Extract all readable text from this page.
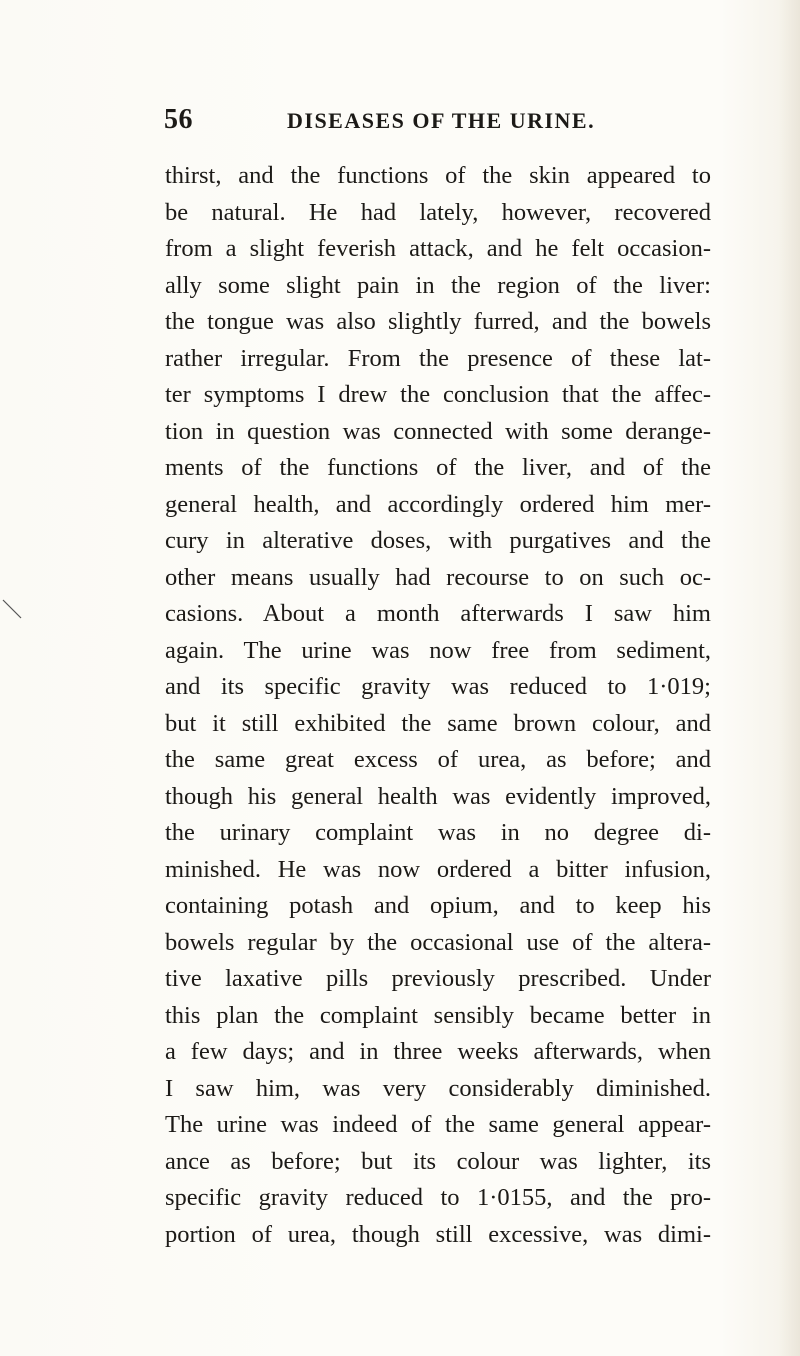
56	DISEASES OF THE URINE.
thirst, and the functions of the skin appeared to
be natural. He had lately, however, recovered
from a slight feverish attack, and he felt occasion-
ally some slight pain in the region of the liver:
the tongue was also slightly furred, and the bowels
rather irregular. From the presence of these lat-
ter symptoms I drew the conclusion that the affec-
tion in question was connected with some derange-
ments of the functions of the liver, and of the
general health, and accordingly ordered him mer-
cury in alterative doses, with purgatives and the
other means usually had recourse to on such oc-
casions. About a month afterwards I saw him
again. The urine was now free from sediment,
and its specific gravity was reduced to 1·019;
but it still exhibited the same brown colour, and
the same great excess of urea, as before; and
though his general health was evidently improved,
the urinary complaint was in no degree di-
minished. He was now ordered a bitter infusion,
containing potash and opium, and to keep his
bowels regular by the occasional use of the altera-
tive laxative pills previously prescribed. Under
this plan the complaint sensibly became better in
a few days; and in three weeks afterwards, when
I saw him, was very considerably diminished.
The urine was indeed of the same general appear-
ance as before; but its colour was lighter, its
specific gravity reduced to 1·0155, and the pro-
portion of urea, though still excessive, was dimi-
